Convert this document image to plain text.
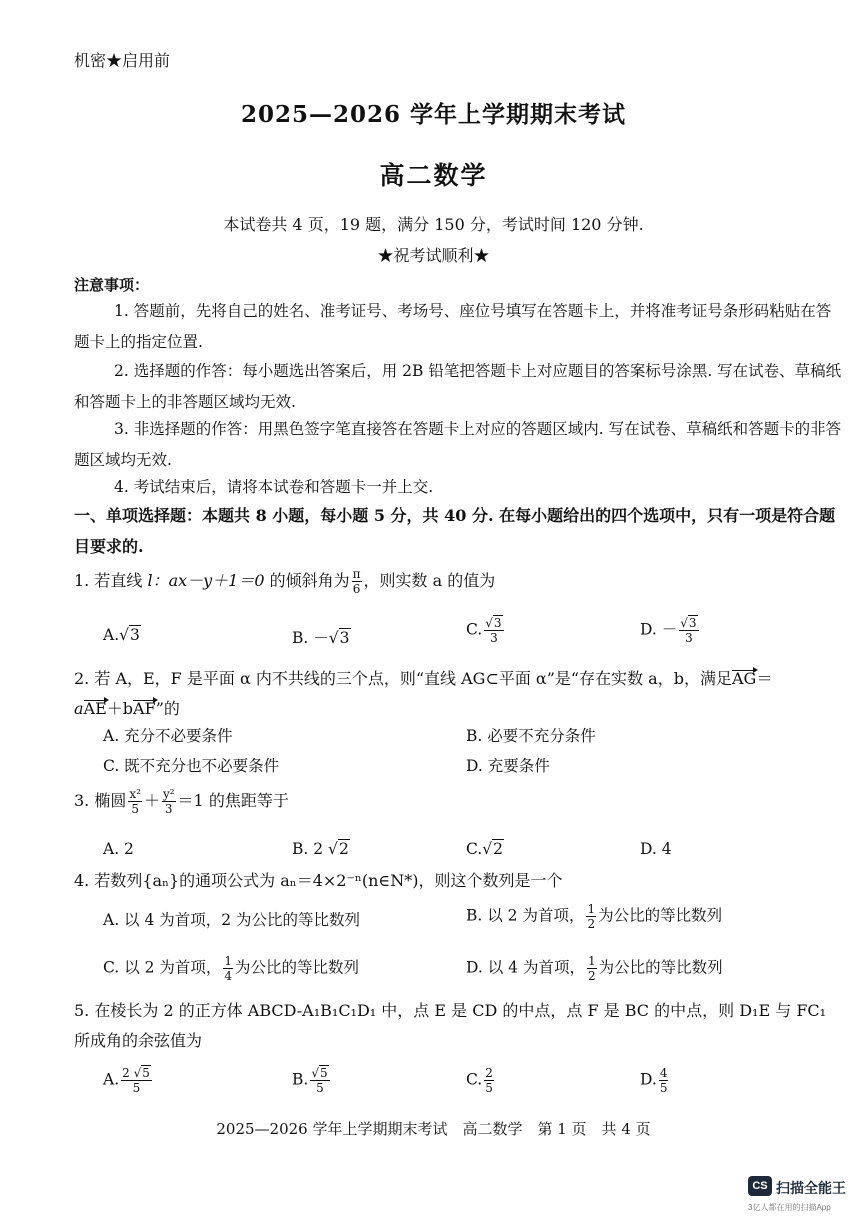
机密★启用前
2025—2026 学年上学期期末考试
高二数学
本试卷共 4 页，19 题，满分 150 分，考试时间 120 分钟.
★祝考试顺利★
注意事项：
1. 答题前，先将自己的姓名、准考证号、考场号、座位号填写在答题卡上，并将准考证号条形码粘贴在答题卡上的指定位置.
2. 选择题的作答：每小题选出答案后，用 2B 铅笔把答题卡上对应题目的答案标号涂黑. 写在试卷、草稿纸和答题卡上的非答题区域均无效.
3. 非选择题的作答：用黑色签字笔直接答在答题卡上对应的答题区域内. 写在试卷、草稿纸和答题卡的非答题区域均无效.
4. 考试结束后，请将本试卷和答题卡一并上交.
一、单项选择题：本题共 8 小题，每小题 5 分，共 40 分. 在每小题给出的四个选项中，只有一项是符合题目要求的.
1. 若直线 l：ax－y＋1＝0 的倾斜角为 $\frac{\pi}{6}$ ，则实数 a 的值为
A.√3	B. －√3	C. $\frac{√3}{3}$	D. － $\frac{√3}{3}$
2. 若 A，E，F 是平面 α 内不共线的三个点，则“直线 AG⊂平面 α”是“存在实数 a，b，满足AG＝
aAE＋bAF”的
A. 充分不必要条件	B. 必要不充分条件
C. 既不充分也不必要条件	D. 充要条件
3. 椭圆 $\frac{\text{x²}}{5} + \frac{\text{y²}}{3} =1$ 的焦距等于
A. 2	B. 2 √2	C.√2	D. 4
4. 若数列{aₙ}的通项公式为 aₙ＝4×2⁻ⁿ(n∈N*)，则这个数列是一个
A. 以 4 为首项，2 为公比的等比数列	B. 以 2 为首项， $\frac{1}{2}$ 为公比的等比数列
C. 以 2 为首项， $\frac{1}{4}$ 为公比的等比数列	D. 以 4 为首项， $\frac{1}{2}$ 为公比的等比数列
5. 在棱长为 2 的正方体 ABCD-A₁B₁C₁D₁ 中，点 E 是 CD 的中点，点 F 是 BC 的中点，则 D₁E 与 FC₁ 所成角的余弦值为
A. $\frac{2 √5}{5}$	B. $\frac{√5}{5}$	C. $\frac{2}{5}$	D. $\frac{4}{5}$
2025—2026 学年上学期期末考试　高二数学　第 1 页　共 4 页
CS 扫描全能王
3亿人都在用的扫描App
